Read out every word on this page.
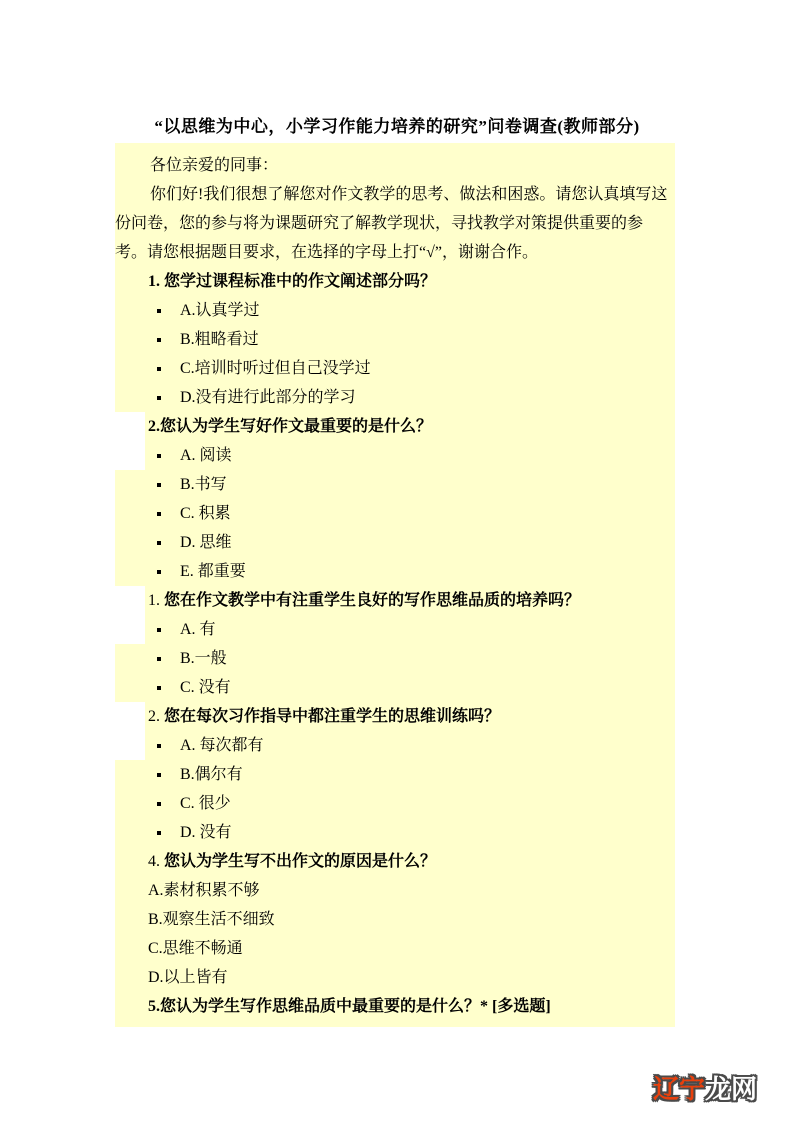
“以思维为中心，小学习作能力培养的研究”问卷调查(教师部分)
各位亲爱的同事：
你们好!我们很想了解您对作文教学的思考、做法和困惑。请您认真填写这
份问卷，您的参与将为课题研究了解教学现状，寻找教学对策提供重要的参
考。请您根据题目要求，在选择的字母上打“√”，谢谢合作。
1. 您学过课程标准中的作文阐述部分吗？
A.认真学过
B.粗略看过
C.培训时听过但自己没学过
D.没有进行此部分的学习
2.您认为学生写好作文最重要的是什么？
A. 阅读
B.书写
C. 积累
D. 思维
E. 都重要
1. 您在作文教学中有注重学生良好的写作思维品质的培养吗？
A. 有
B.一般
C. 没有
2. 您在每次习作指导中都注重学生的思维训练吗？
A. 每次都有
B.偶尔有
C. 很少
D. 没有
4. 您认为学生写不出作文的原因是什么？
A.素材积累不够
B.观察生活不细致
C.思维不畅通
D.以上皆有
5.您认为学生写作思维品质中最重要的是什么？* [多选题]
辽宁龙网
